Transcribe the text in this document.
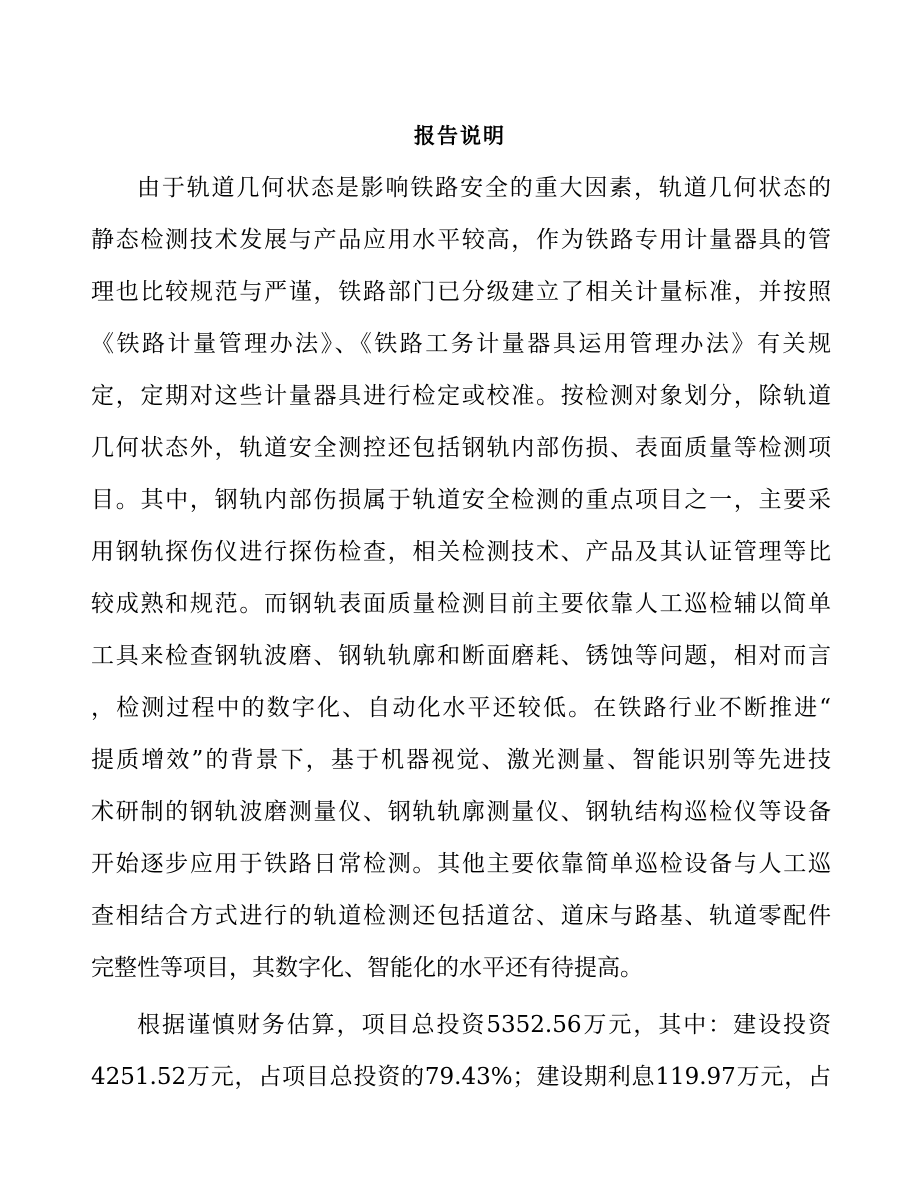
报告说明
由于轨道几何状态是影响铁路安全的重大因素，轨道几何状态的
静态检测技术发展与产品应用水平较高，作为铁路专用计量器具的管
理也比较规范与严谨，铁路部门已分级建立了相关计量标准，并按照
《铁路计量管理办法》、《铁路工务计量器具运用管理办法》有关规
定，定期对这些计量器具进行检定或校准。按检测对象划分，除轨道
几何状态外，轨道安全测控还包括钢轨内部伤损、表面质量等检测项
目。其中，钢轨内部伤损属于轨道安全检测的重点项目之一，主要采
用钢轨探伤仪进行探伤检查，相关检测技术、产品及其认证管理等比
较成熟和规范。而钢轨表面质量检测目前主要依靠人工巡检辅以简单
工具来检查钢轨波磨、钢轨轨廓和断面磨耗、锈蚀等问题，相对而言
，检测过程中的数字化、自动化水平还较低。在铁路行业不断推进“
提质增效”的背景下，基于机器视觉、激光测量、智能识别等先进技
术研制的钢轨波磨测量仪、钢轨轨廓测量仪、钢轨结构巡检仪等设备
开始逐步应用于铁路日常检测。其他主要依靠简单巡检设备与人工巡
查相结合方式进行的轨道检测还包括道岔、道床与路基、轨道零配件
完整性等项目，其数字化、智能化的水平还有待提高。
根据谨慎财务估算，项目总投资5352.56万元，其中：建设投资
4251.52万元，占项目总投资的79.43%；建设期利息119.97万元，占
